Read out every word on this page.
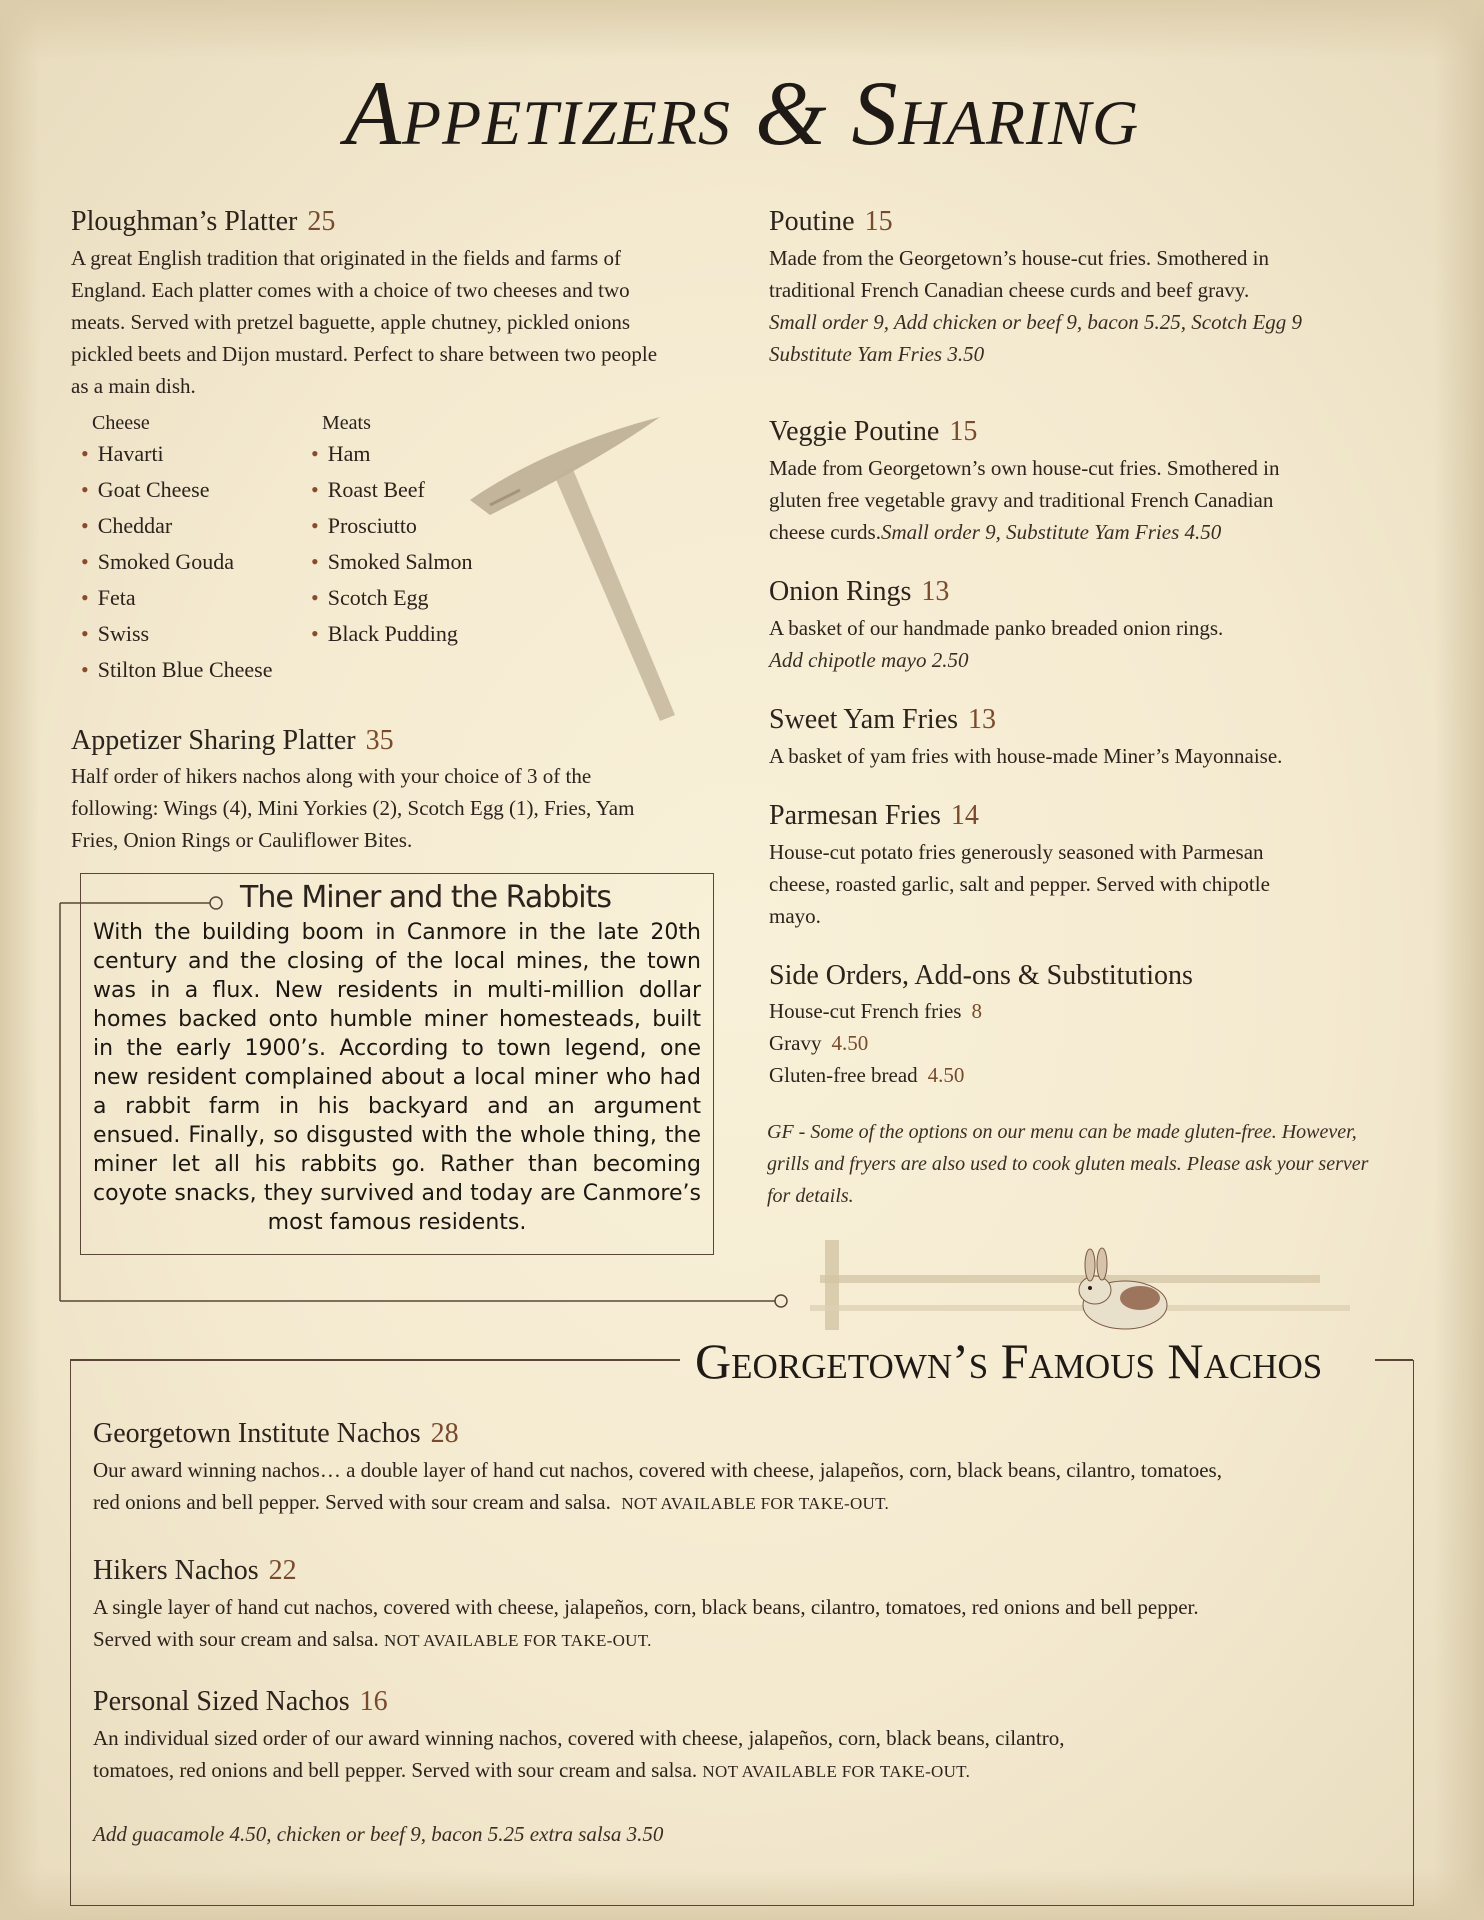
Appetizers & Sharing
Ploughman’s Platter 25
A great English tradition that originated in the fields and farms of
England. Each platter comes with a choice of two cheeses and two
meats. Served with pretzel baguette, apple chutney, pickled onions
pickled beets and Dijon mustard. Perfect to share between two people
as a main dish.
Cheese	Meats
• Havarti
• Goat Cheese
• Cheddar
• Smoked Gouda
• Feta
• Swiss
• Stilton Blue Cheese
• Ham
• Roast Beef
• Prosciutto
• Smoked Salmon
• Scotch Egg
• Black Pudding
Appetizer Sharing Platter 35
Half order of hikers nachos along with your choice of 3 of the
following: Wings (4), Mini Yorkies (2), Scotch Egg (1), Fries, Yam
Fries, Onion Rings or Cauliflower Bites.
The Miner and the Rabbits
With the building boom in Canmore in the late 20th century and the closing of the local mines, the town was in a flux. New residents in multi-million dollar homes backed onto humble miner homesteads, built in the early 1900’s. According to town legend, one new resident complained about a local miner who had a rabbit farm in his backyard and an argument ensued. Finally, so disgusted with the whole thing, the miner let all his rabbits go. Rather than becoming coyote snacks, they survived and today are Canmore’s most famous residents.
Poutine 15
Made from the Georgetown’s house-cut fries. Smothered in
traditional French Canadian cheese curds and beef gravy.
Small order 9, Add chicken or beef 9, bacon 5.25, Scotch Egg 9
Substitute Yam Fries 3.50
Veggie Poutine 15
Made from Georgetown’s own house-cut fries. Smothered in
gluten free vegetable gravy and traditional French Canadian
cheese curds.Small order 9, Substitute Yam Fries 4.50
Onion Rings 13
A basket of our handmade panko breaded onion rings.
Add chipotle mayo 2.50
Sweet Yam Fries 13
A basket of yam fries with house-made Miner’s Mayonnaise.
Parmesan Fries 14
House-cut potato fries generously seasoned with Parmesan
cheese, roasted garlic, salt and pepper. Served with chipotle
mayo.
Side Orders, Add-ons & Substitutions
House-cut French fries 8
Gravy 4.50
Gluten-free bread 4.50
GF - Some of the options on our menu can be made gluten-free. However,
grills and fryers are also used to cook gluten meals. Please ask your server
for details.
Georgetown’s Famous Nachos
Georgetown Institute Nachos 28
Our award winning nachos… a double layer of hand cut nachos, covered with cheese, jalapeños, corn, black beans, cilantro, tomatoes,
red onions and bell pepper. Served with sour cream and salsa. NOT AVAILABLE FOR TAKE-OUT.
Hikers Nachos 22
A single layer of hand cut nachos, covered with cheese, jalapeños, corn, black beans, cilantro, tomatoes, red onions and bell pepper.
Served with sour cream and salsa. NOT AVAILABLE FOR TAKE-OUT.
Personal Sized Nachos 16
An individual sized order of our award winning nachos, covered with cheese, jalapeños, corn, black beans, cilantro,
tomatoes, red onions and bell pepper. Served with sour cream and salsa. NOT AVAILABLE FOR TAKE-OUT.
Add guacamole 4.50, chicken or beef 9, bacon 5.25 extra salsa 3.50
